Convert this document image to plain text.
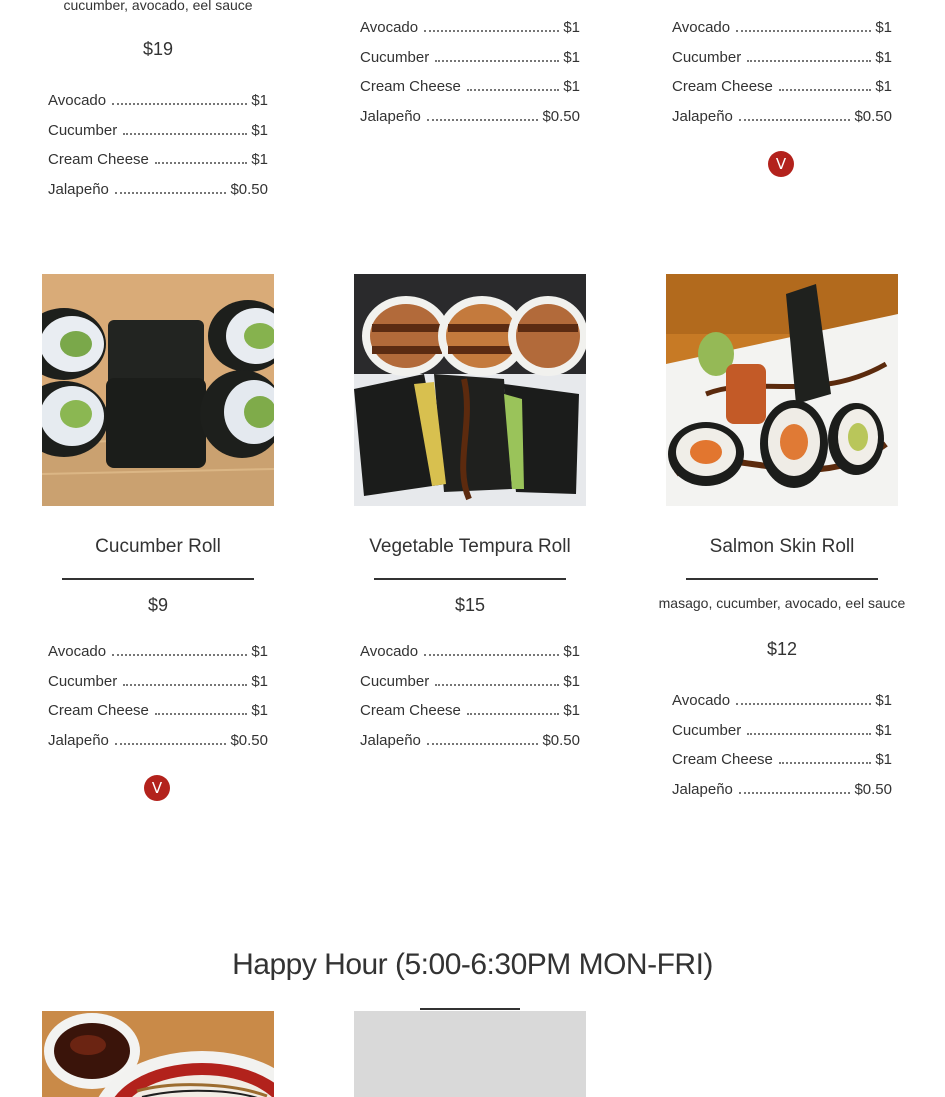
cucumber, avocado, eel sauce
$19
Avocado	$1
Cucumber	$1
Cream Cheese	$1
Jalapeño	$0.50
Avocado	$1
Cucumber	$1
Cream Cheese	$1
Jalapeño	$0.50
Avocado	$1
Cucumber	$1
Cream Cheese	$1
Jalapeño	$0.50
V
Cucumber Roll
$9
Avocado	$1
Cucumber	$1
Cream Cheese	$1
Jalapeño	$0.50
V
Vegetable Tempura Roll
$15
Avocado	$1
Cucumber	$1
Cream Cheese	$1
Jalapeño	$0.50
Salmon Skin Roll
masago, cucumber, avocado, eel sauce
$12
Avocado	$1
Cucumber	$1
Cream Cheese	$1
Jalapeño	$0.50
Happy Hour (5:00-6:30PM MON-FRI)
